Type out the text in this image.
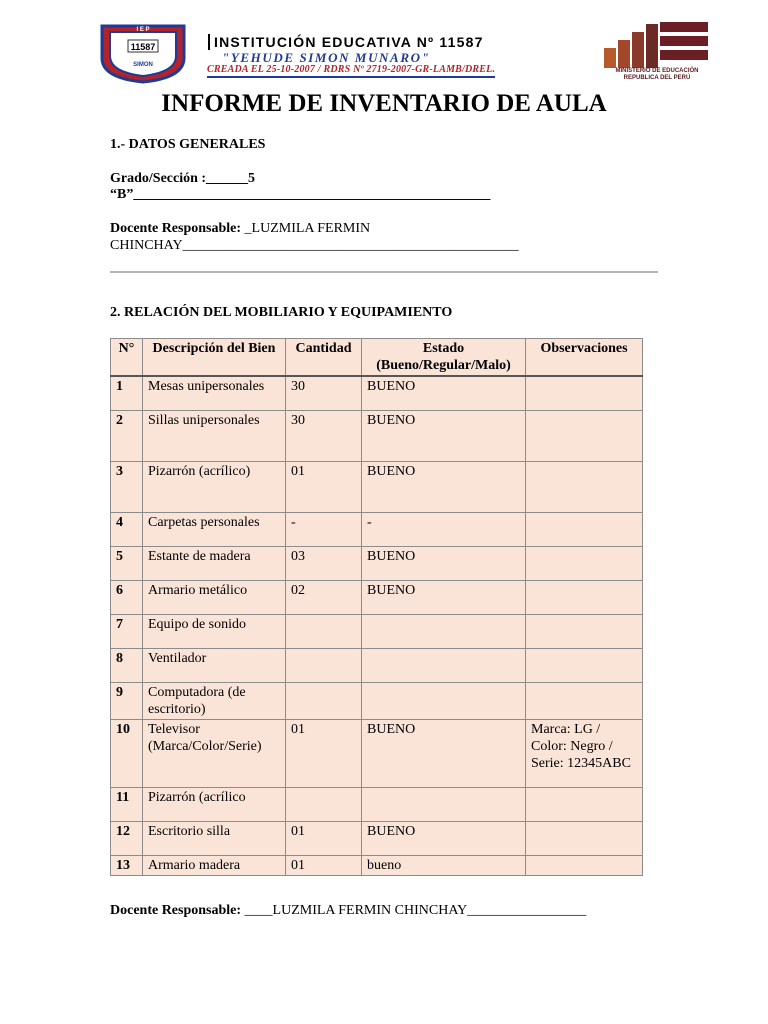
11587
I E P
SIMON
INSTITUCIÓN EDUCATIVA Nº 11587
"YEHUDE SIMON MUNARO"
CREADA EL 25-10-2007 / RDRS Nº 2719-2007-GR-LAMB/DREL.	MINISTERIO DE EDUCACIÓN
REPUBLICA DEL PERÚ
INFORME DE INVENTARIO DE AULA
1.- DATOS GENERALES
Grado/Sección :______5
“B”___________________________________________________
Docente Responsable: _LUZMILA FERMIN
CHINCHAY________________________________________________
2. RELACIÓN DEL MOBILIARIO Y EQUIPAMIENTO
N°	Descripción del Bien	Cantidad	Estado (Bueno/Regular/Malo)	Observaciones
1	Mesas unipersonales	30	BUENO	
2	Sillas unipersonales	30	BUENO	
3	Pizarrón (acrílico)	01	BUENO	
4	Carpetas personales	-	-	
5	Estante de madera	03	BUENO	
6	Armario metálico	02	BUENO	
7	Equipo de sonido			
8	Ventilador			
9	Computadora (de escritorio)			
10	Televisor (Marca/Color/Serie)	01	BUENO	Marca: LG / Color: Negro / Serie: 12345ABC
11	Pizarrón (acrílico			
12	Escritorio silla	01	BUENO	
13	Armario madera	01	bueno	
Docente Responsable: ____LUZMILA FERMIN CHINCHAY_________________
